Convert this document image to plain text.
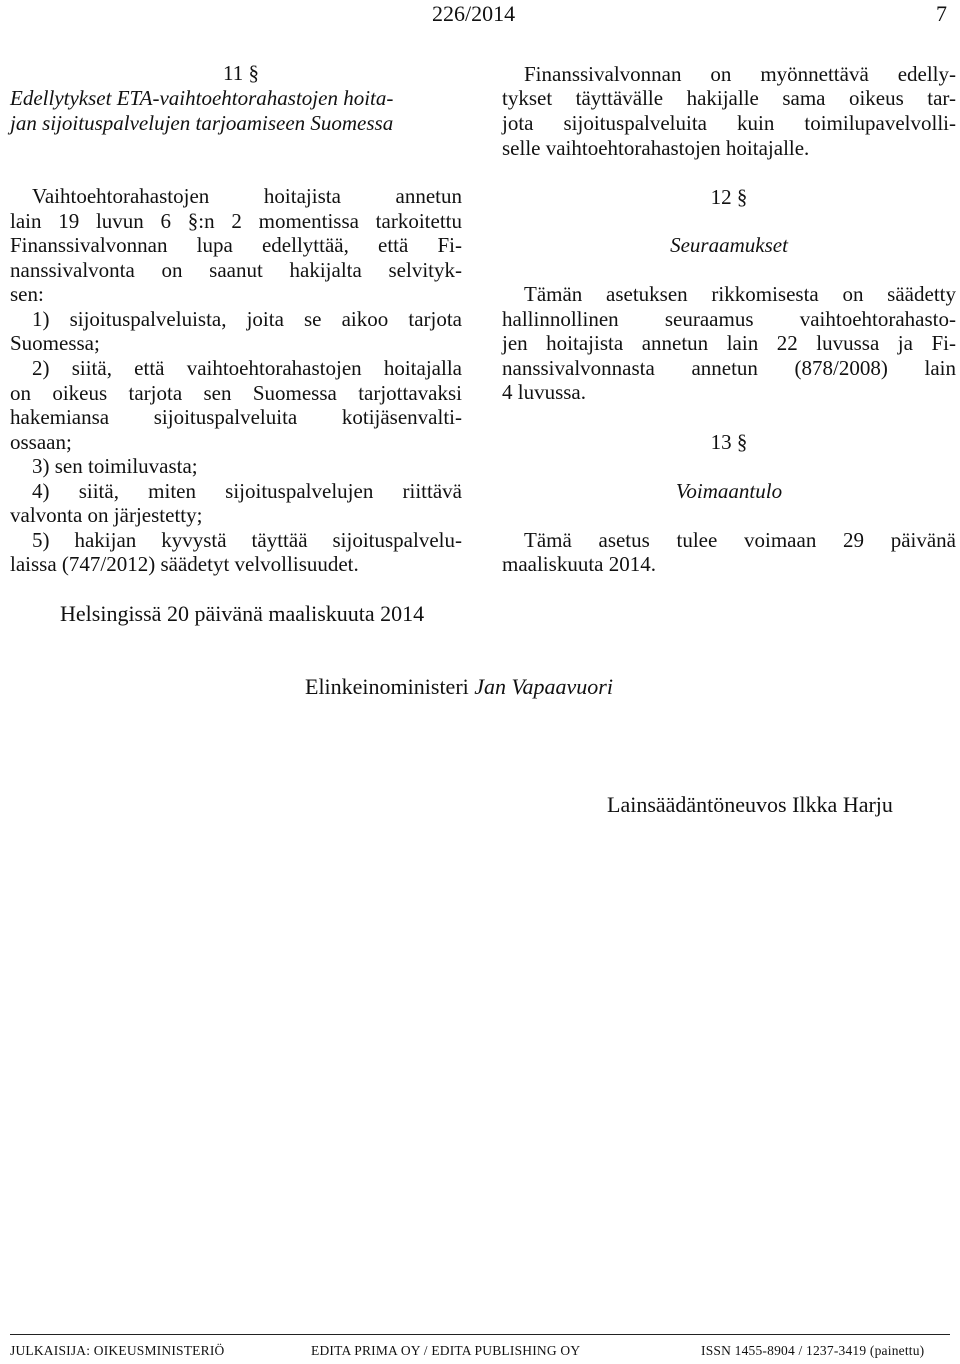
226/2014	7
11 §
Edellytykset ETA-vaihtoehtorahastojen hoita-
jan sijoituspalvelujen tarjoamiseen Suomessa
Vaihtoehtorahastojen hoitajista annetun
lain 19 luvun 6 §:n 2 momentissa tarkoitettu
Finanssivalvonnan lupa edellyttää, että Fi-
nanssivalvonta on saanut hakijalta selvityk-
sen:
1) sijoituspalveluista, joita se aikoo tarjota
Suomessa;
2) siitä, että vaihtoehtorahastojen hoitajalla
on oikeus tarjota sen Suomessa tarjottavaksi
hakemiansa sijoituspalveluita kotijäsenvalti-
ossaan;
3) sen toimiluvasta;
4) siitä, miten sijoituspalvelujen riittävä
valvonta on järjestetty;
5) hakijan kyvystä täyttää sijoituspalvelu-
laissa (747/2012) säädetyt velvollisuudet.
Finanssivalvonnan on myönnettävä edelly-
tykset täyttävälle hakijalle sama oikeus tar-
jota sijoituspalveluita kuin toimilupavelvolli-
selle vaihtoehtorahastojen hoitajalle.
12 §
Seuraamukset
Tämän asetuksen rikkomisesta on säädetty
hallinnollinen seuraamus vaihtoehtorahasto-
jen hoitajista annetun lain 22 luvussa ja Fi-
nanssivalvonnasta annetun (878/2008) lain
4 luvussa.
13 §
Voimaantulo
Tämä asetus tulee voimaan 29 päivänä
maaliskuuta 2014.
Helsingissä 20 päivänä maaliskuuta 2014
Elinkeinoministeri Jan Vapaavuori
Lainsäädäntöneuvos Ilkka Harju
JULKAISIJA: OIKEUSMINISTERIÖ	EDITA PRIMA OY / EDITA PUBLISHING OY	ISSN 1455-8904 / 1237-3419 (painettu)
